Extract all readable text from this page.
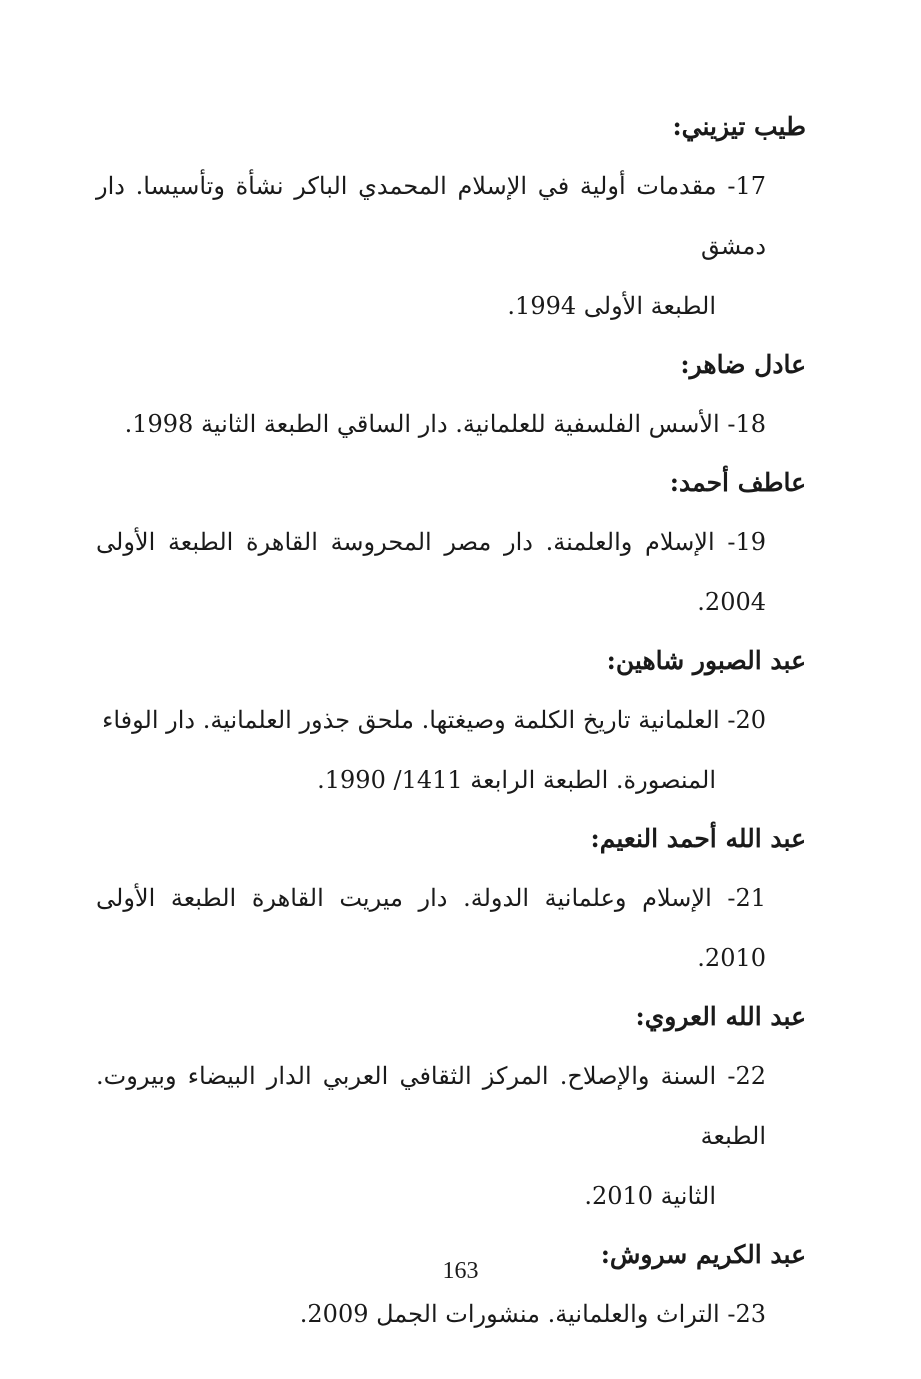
طيب تيزيني:

17- مقدمات أولية في الإسلام المحمدي الباكر نشأة وتأسيسا. دار دمشق
الطبعة الأولى 1994.

عادل ضاهر:

18- الأسس الفلسفية للعلمانية. دار الساقي الطبعة الثانية 1998.

عاطف أحمد:

19- الإسلام والعلمنة. دار مصر المحروسة القاهرة الطبعة الأولى 2004.

عبد الصبور شاهين:

20- العلمانية تاريخ الكلمة وصيغتها. ملحق جذور العلمانية. دار الوفاء
المنصورة. الطبعة الرابعة 1411/ 1990.

عبد الله أحمد النعيم:

21- الإسلام وعلمانية الدولة. دار ميريت القاهرة الطبعة الأولى 2010.

عبد الله العروي:

22- السنة والإصلاح. المركز الثقافي العربي الدار البيضاء وبيروت. الطبعة
الثانية 2010.

عبد الكريم سروش:

23- التراث والعلمانية. منشورات الجمل 2009.

163
